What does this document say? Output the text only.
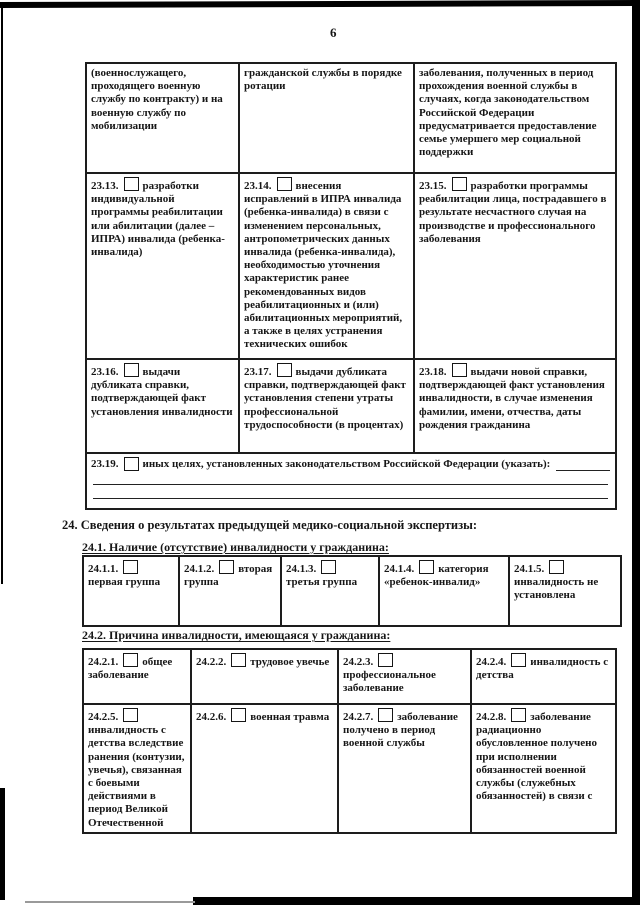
6
(военнослужащего, проходящего военную службу по контракту) и на военную службу по мобилизации	гражданской службы в порядке ротации	заболевания, полученных в период прохождения военной службы в случаях, когда законодательством Российской Федерации предусматривается предоставление семье умершего мер социальной поддержки
23.13. разработки индивидуальной программы реабилитации или абилитации (далее – ИПРА) инвалида (ребенка-инвалида)	23.14. внесения исправлений в ИПРА инвалида (ребенка-инвалида) в связи с изменением персональных, антропометрических данных инвалида (ребенка-инвалида), необходимостью уточнения характеристик ранее рекомендованных видов реабилитационных и (или) абилитационных мероприятий, а также в целях устранения технических ошибок	23.15. разработки программы реабилитации лица, пострадавшего в результате несчастного случая на производстве и профессионального заболевания
23.16. выдачи дубликата справки, подтверждающей факт установления инвалидности	23.17. выдачи дубликата справки, подтверждающей факт установления степени утраты профессиональной трудоспособности (в процентах)	23.18. выдачи новой справки, подтверждающей факт установления инвалидности, в случае изменения фамилии, имени, отчества, даты рождения гражданина

23.19. иных целях, установленных законодательством Российской Федерации (указать):		
24. Сведения о результатах предыдущей медико-социальной экспертизы:
24.1. Наличие (отсутствие) инвалидности у гражданина:
24.1.1.первая группа	24.1.2. вторая группа	24.1.3.третья группа	24.1.4. категория «ребенок-инвалид»	24.1.5.инвалидность не установлена
24.2. Причина инвалидности, имеющаяся у гражданина:
24.2.1. общее заболевание	24.2.2. трудовое увечье	24.2.3.профессиональное заболевание	24.2.4. инвалидность с детства
24.2.5.инвалидность с детства вследствие ранения (контузии, увечья), связанная с боевыми действиями в период Великой Отечественной	24.2.6. военная травма	24.2.7. заболевание получено в период военной службы	24.2.8. заболевание радиационно обусловленное получено при исполнении обязанностей военной службы (служебных обязанностей) в связи с
